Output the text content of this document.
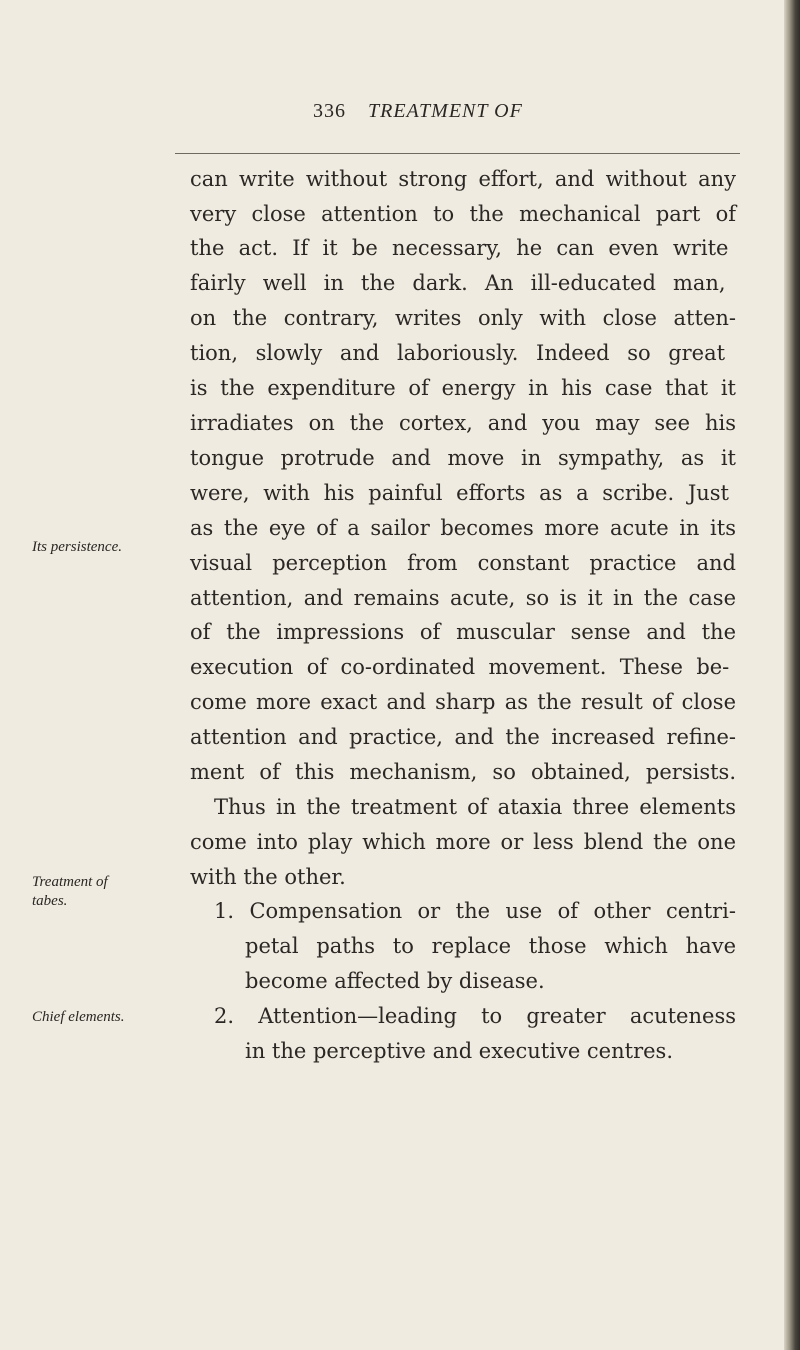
336 TREATMENT OF
Its persistence.
Treatment of
tabes.
Chief elements.
can write without strong effort, and without any
very close attention to the mechanical part of
the act. If it be necessary, he can even write
fairly well in the dark. An ill-educated man,
on the contrary, writes only with close atten-
tion, slowly and laboriously. Indeed so great
is the expenditure of energy in his case that it
irradiates on the cortex, and you may see his
tongue protrude and move in sympathy, as it
were, with his painful efforts as a scribe. Just
as the eye of a sailor becomes more acute in its
visual perception from constant practice and
attention, and remains acute, so is it in the case
of the impressions of muscular sense and the
execution of co-ordinated movement. These be-
come more exact and sharp as the result of close
attention and practice, and the increased refine-
ment of this mechanism, so obtained, persists.
Thus in the treatment of ataxia three elements
come into play which more or less blend the one
with the other.
1. Compensation or the use of other centri-
petal paths to replace those which have
become affected by disease.
2. Attention—leading to greater acuteness
in the perceptive and executive centres.
